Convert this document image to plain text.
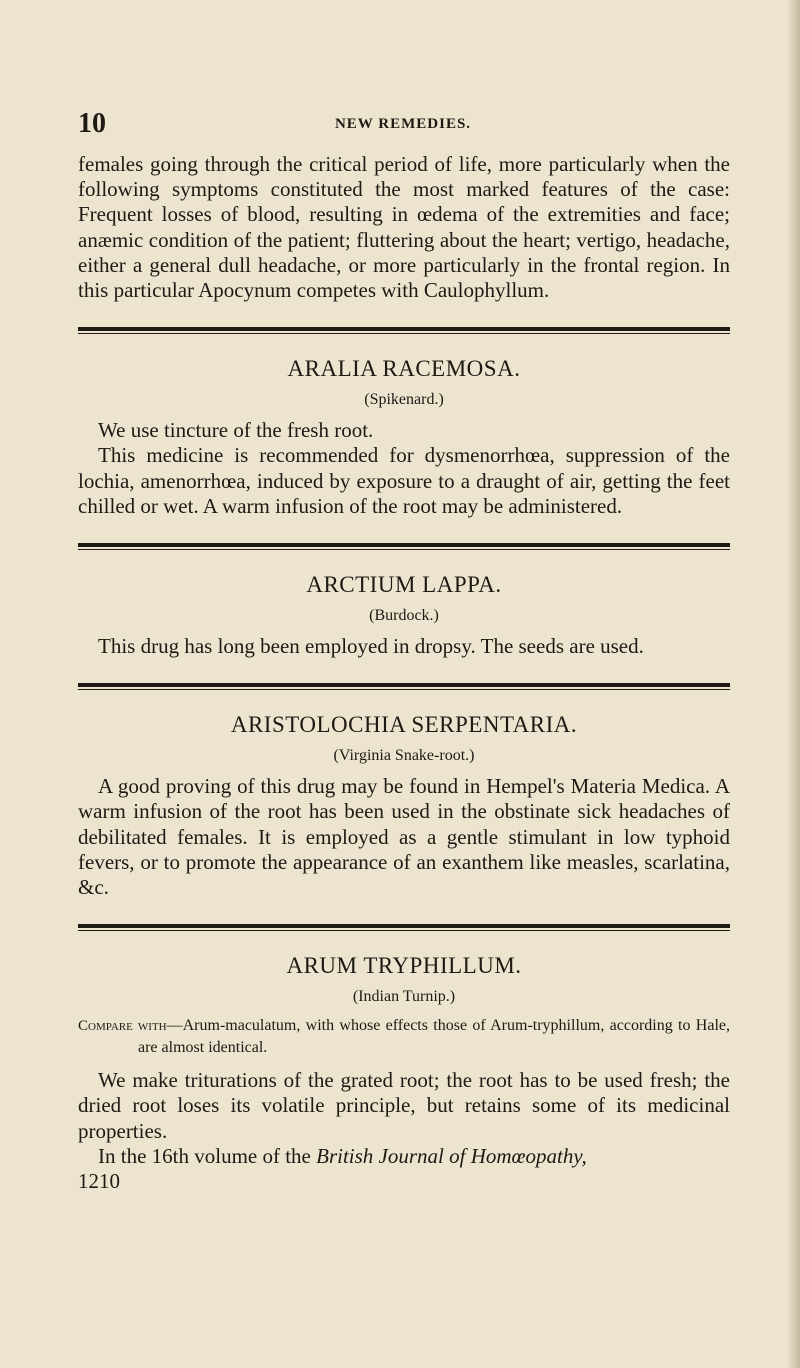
10	NEW REMEDIES.

females going through the critical period of life, more particularly when the following symptoms constituted the most marked features of the case: Frequent losses of blood, resulting in œdema of the extremities and face; anæmic condition of the patient; fluttering about the heart; vertigo, headache, either a general dull headache, or more particularly in the frontal region. In this particular Apocynum competes with Caulophyllum.

ARALIA RACEMOSA.
(Spikenard.)

We use tincture of the fresh root.

This medicine is recommended for dysmenorrhœa, suppression of the lochia, amenorrhœa, induced by exposure to a draught of air, getting the feet chilled or wet. A warm infusion of the root may be administered.

ARCTIUM LAPPA.
(Burdock.)

This drug has long been employed in dropsy. The seeds are used.

ARISTOLOCHIA SERPENTARIA.
(Virginia Snake-root.)

A good proving of this drug may be found in Hempel's Materia Medica. A warm infusion of the root has been used in the obstinate sick headaches of debilitated females. It is employed as a gentle stimulant in low typhoid fevers, or to promote the appearance of an exanthem like measles, scarlatina, &c.

ARUM TRYPHILLUM.
(Indian Turnip.)

Compare with—Arum-maculatum, with whose effects those of Arum-tryphillum, according to Hale, are almost identical.

We make triturations of the grated root; the root has to be used fresh; the dried root loses its volatile principle, but retains some of its medicinal properties.

In the 16th volume of the British Journal of Homœopathy,
1210
